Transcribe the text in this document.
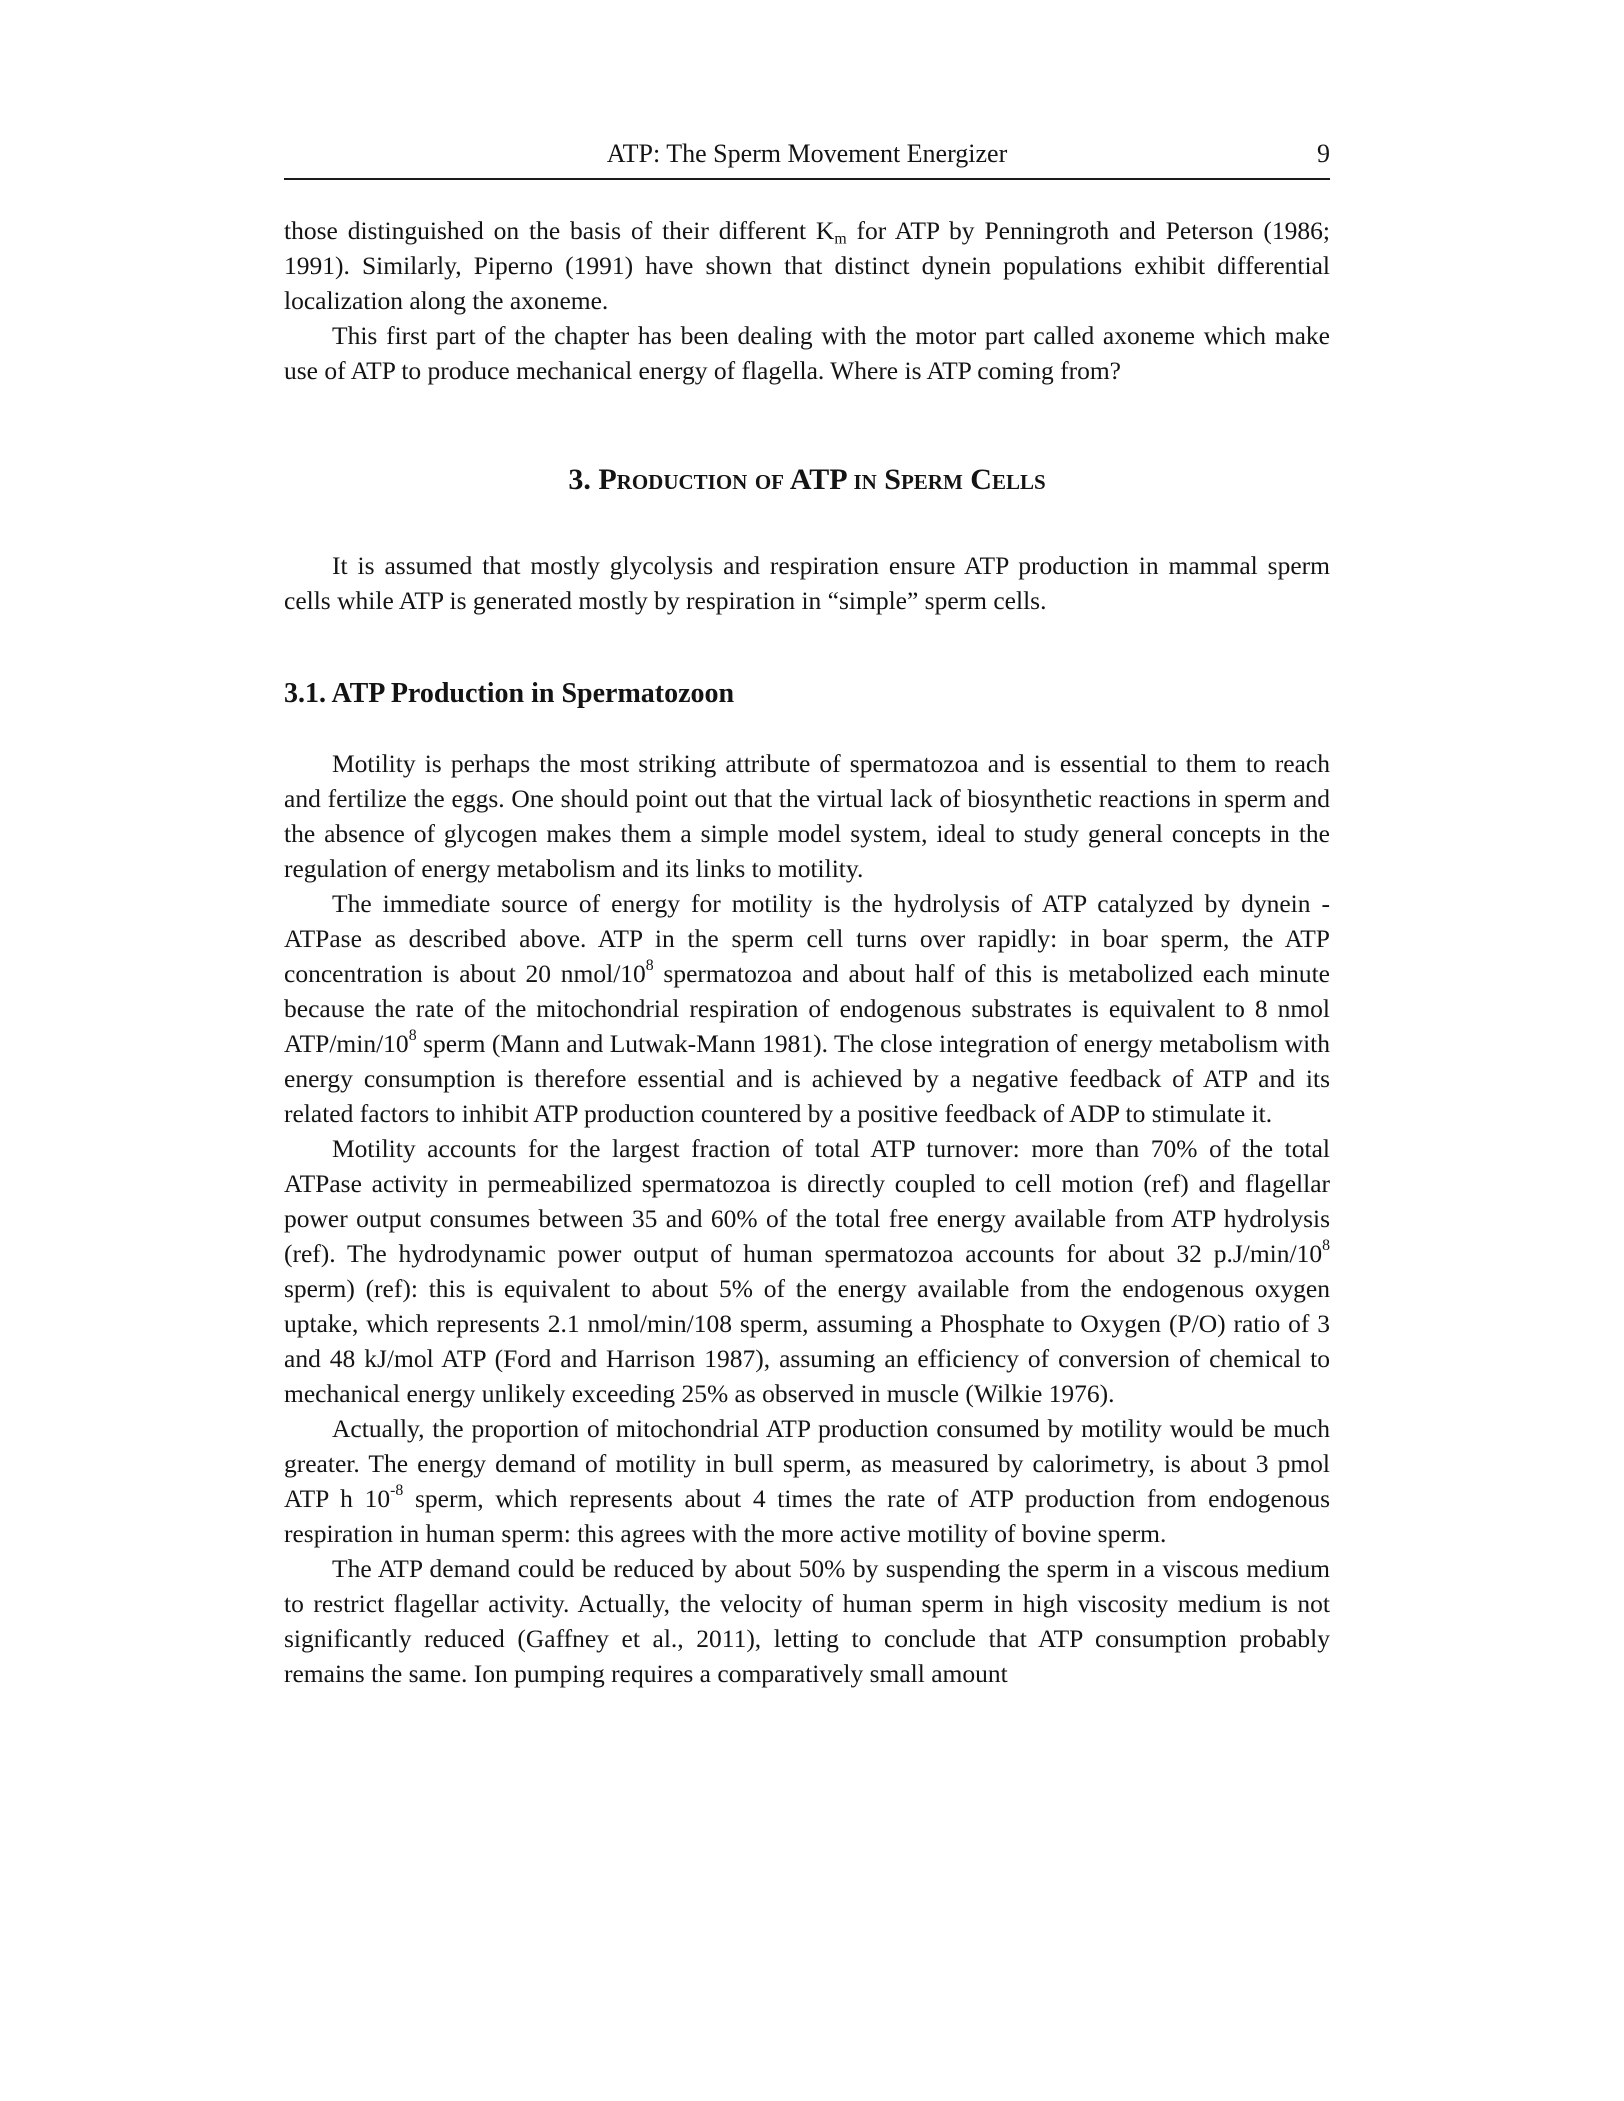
ATP: The Sperm Movement Energizer	9

those distinguished on the basis of their different $K_m$ for ATP by Penningroth and Peterson (1986; 1991). Similarly, Piperno (1991) have shown that distinct dynein populations exhibit differential localization along the axoneme.

This first part of the chapter has been dealing with the motor part called axoneme which make use of ATP to produce mechanical energy of flagella. Where is ATP coming from?

3. Production of ATP in Sperm Cells

It is assumed that mostly glycolysis and respiration ensure ATP production in mammal sperm cells while ATP is generated mostly by respiration in “simple” sperm cells.

3.1. ATP Production in Spermatozoon

Motility is perhaps the most striking attribute of spermatozoa and is essential to them to reach and fertilize the eggs. One should point out that the virtual lack of biosynthetic reactions in sperm and the absence of glycogen makes them a simple model system, ideal to study general concepts in the regulation of energy metabolism and its links to motility.

The immediate source of energy for motility is the hydrolysis of ATP catalyzed by dynein -ATPase as described above. ATP in the sperm cell turns over rapidly: in boar sperm, the ATP concentration is about 20 nmol/$10^8$ spermatozoa and about half of this is metabolized each minute because the rate of the mitochondrial respiration of endogenous substrates is equivalent to 8 nmol ATP/$\min/10^8$ sperm (Mann and Lutwak-Mann 1981). The close integration of energy metabolism with energy consumption is therefore essential and is achieved by a negative feedback of ATP and its related factors to inhibit ATP production countered by a positive feedback of ADP to stimulate it.

Motility accounts for the largest fraction of total ATP turnover: more than 70% of the total ATPase activity in permeabilized spermatozoa is directly coupled to cell motion (ref) and flagellar power output consumes between 35 and 60% of the total free energy available from ATP hydrolysis (ref). The hydrodynamic power output of human spermatozoa accounts for about 32 $p.J/\min/10^8$ sperm) (ref): this is equivalent to about 5% of the energy available from the endogenous oxygen uptake, which represents 2.1 nmol/min/108 sperm, assuming a Phosphate to Oxygen (P/O) ratio of 3 and 48 kJ/mol ATP (Ford and Harrison 1987), assuming an efficiency of conversion of chemical to mechanical energy unlikely exceeding 25% as observed in muscle (Wilkie 1976).

Actually, the proportion of mitochondrial ATP production consumed by motility would be much greater. The energy demand of motility in bull sperm, as measured by calorimetry, is about 3 pmol ATP h $10^{-8}$ sperm, which represents about 4 times the rate of ATP production from endogenous respiration in human sperm: this agrees with the more active motility of bovine sperm.

The ATP demand could be reduced by about 50% by suspending the sperm in a viscous medium to restrict flagellar activity. Actually, the velocity of human sperm in high viscosity medium is not significantly reduced (Gaffney et al., 2011), letting to conclude that ATP consumption probably remains the same. Ion pumping requires a comparatively small amount
